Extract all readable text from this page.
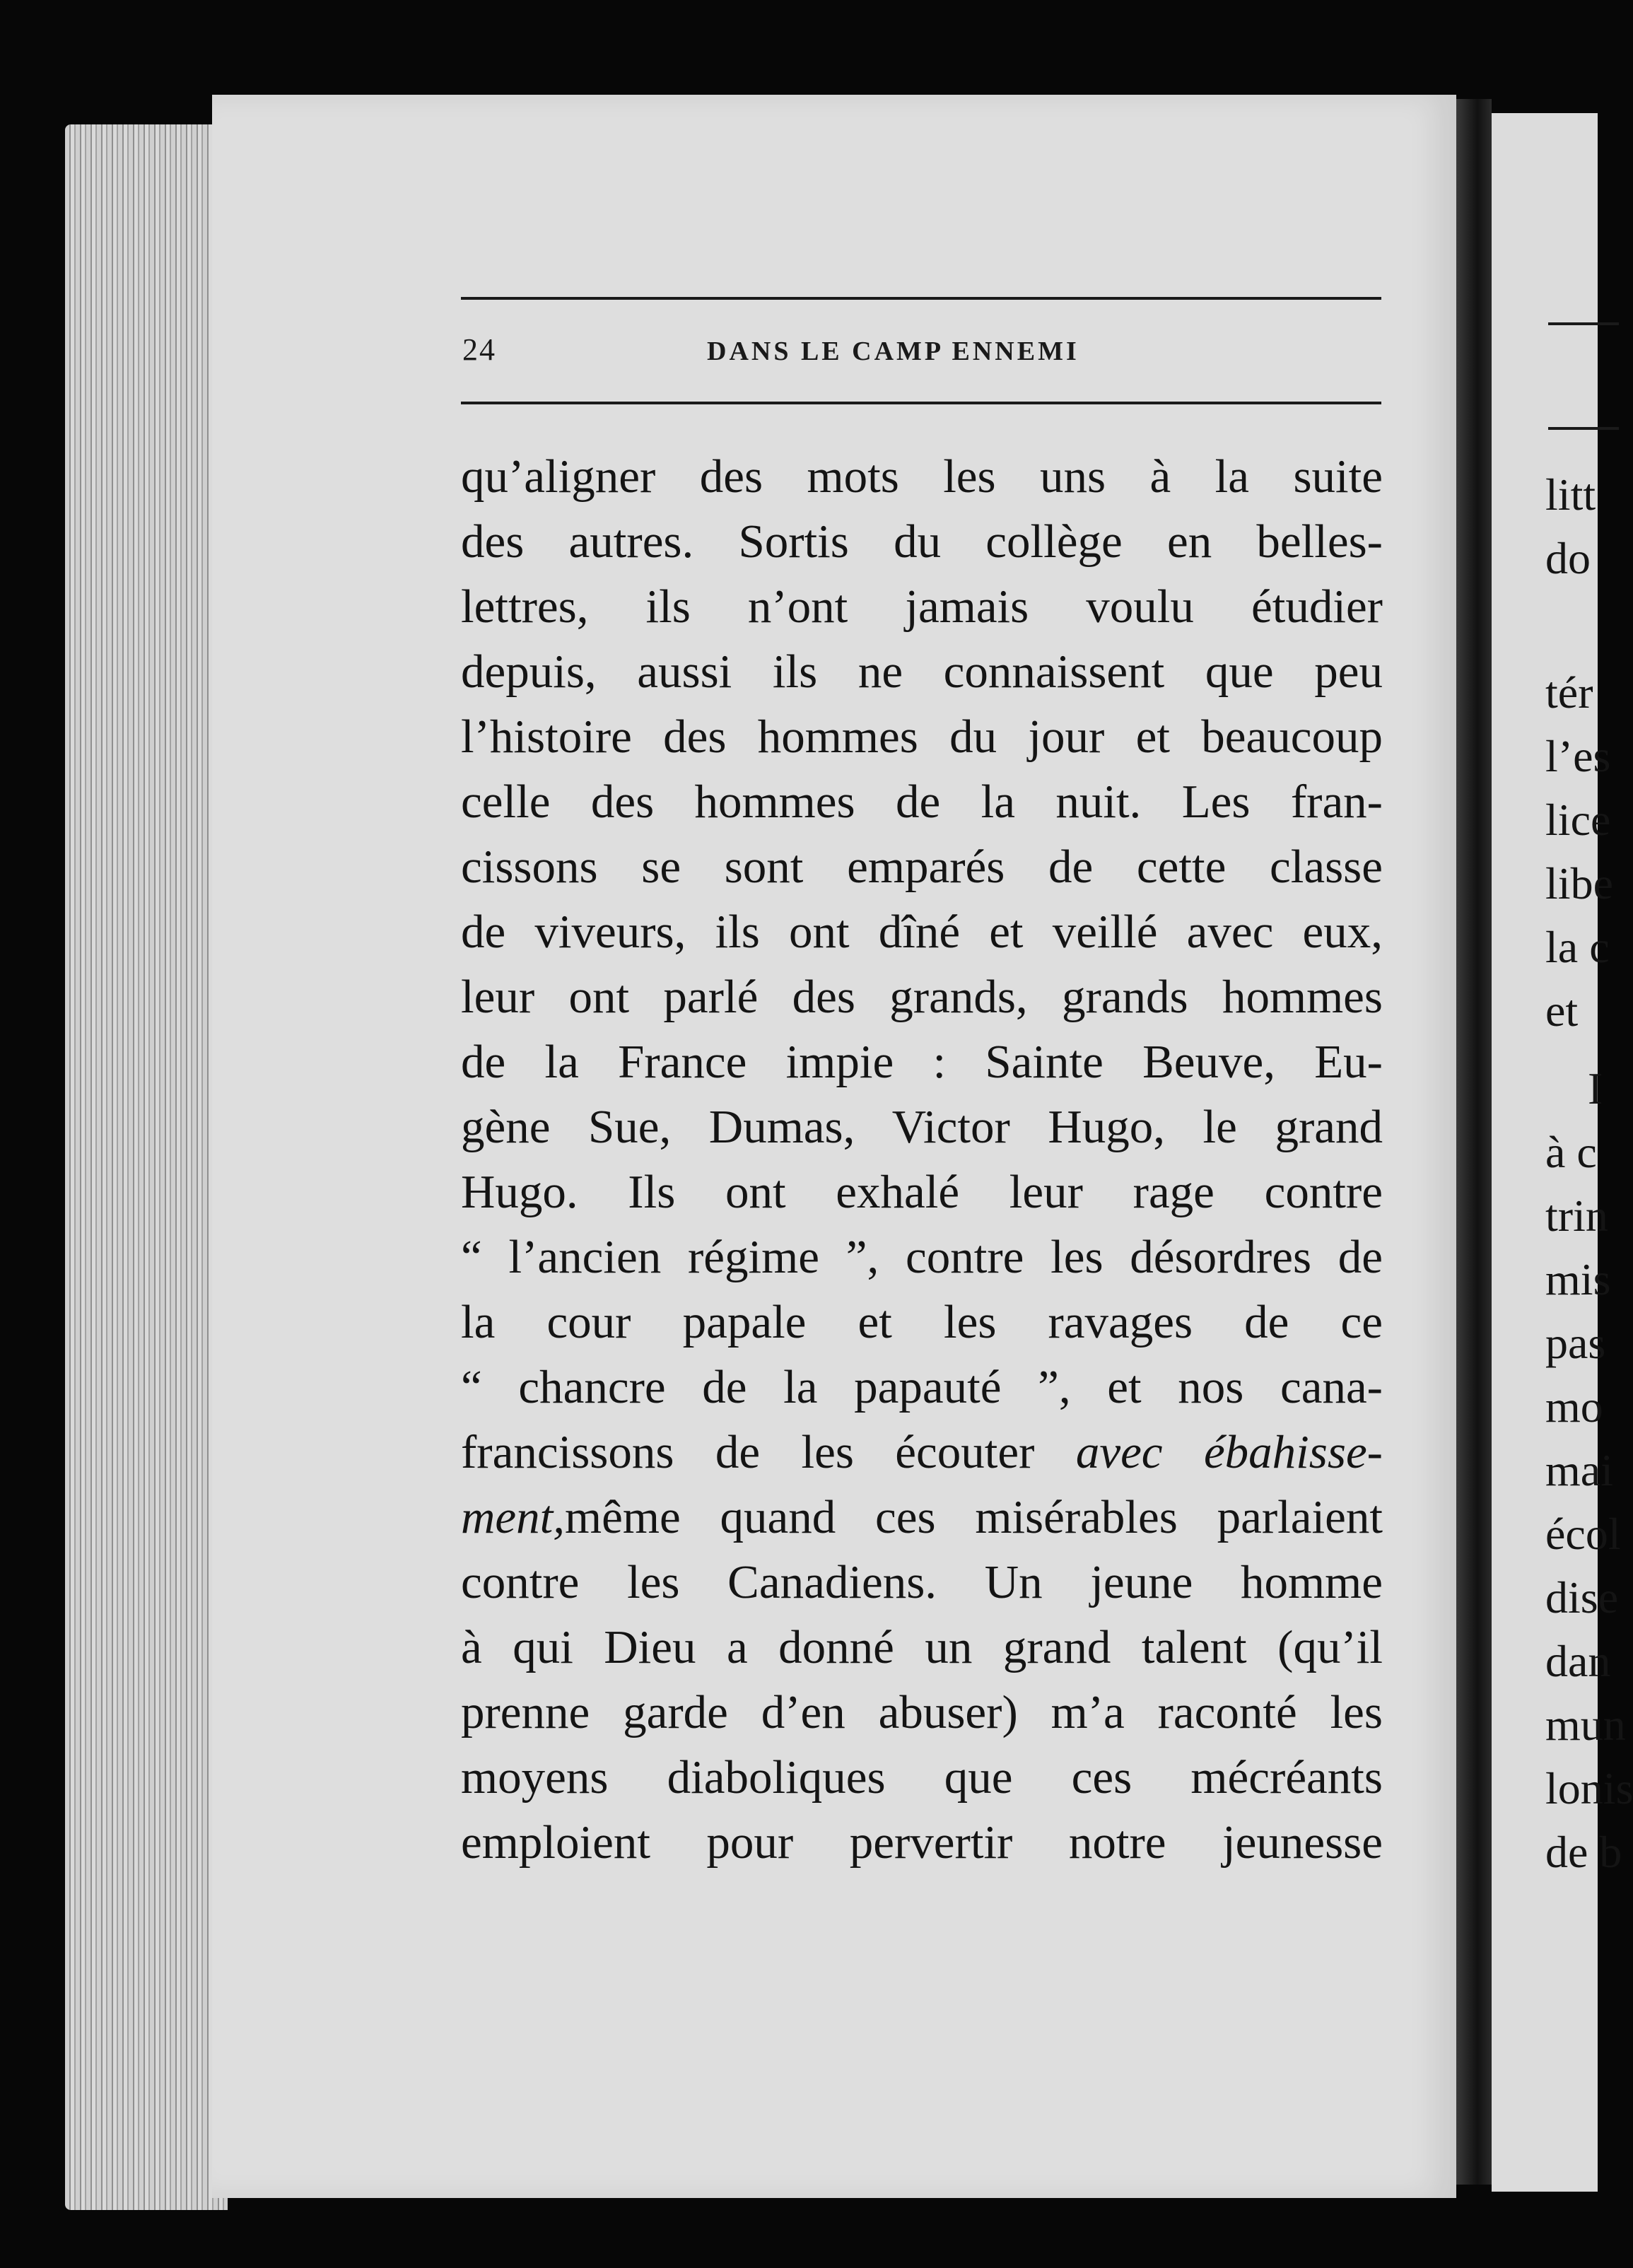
24	DANS LE CAMP ENNEMI
qu’aligner des mots les uns à la suite
des autres. Sortis du collège en belles-
lettres, ils n’ont jamais voulu étudier
depuis, aussi ils ne connaissent que peu
l’histoire des hommes du jour et beaucoup
celle des hommes de la nuit. Les fran-
cissons se sont emparés de cette classe
de viveurs, ils ont dîné et veillé avec eux,
leur ont parlé des grands, grands hommes
de la France impie : Sainte Beuve, Eu-
gène Sue, Dumas, Victor Hugo, le grand
Hugo. Ils ont exhalé leur rage contre
“ l’ancien régime ”, contre les désordres de
la cour papale et les ravages de ce
“ chancre de la papauté ”, et nos cana-
francissons de les écouter avec ébahisse-
ment,même quand ces misérables parlaient
contre les Canadiens. Un jeune homme
à qui Dieu a donné un grand talent (qu’il
prenne garde d’en abuser) m’a raconté les
moyens diaboliques que ces mécréants
emploient pour pervertir notre jeunesse
litt
do
tér
l’es
lice
libe
la c
et
I
à c
trin
mis
pas
mo
mai
écol
dise
dan
mun
lonis
de b
